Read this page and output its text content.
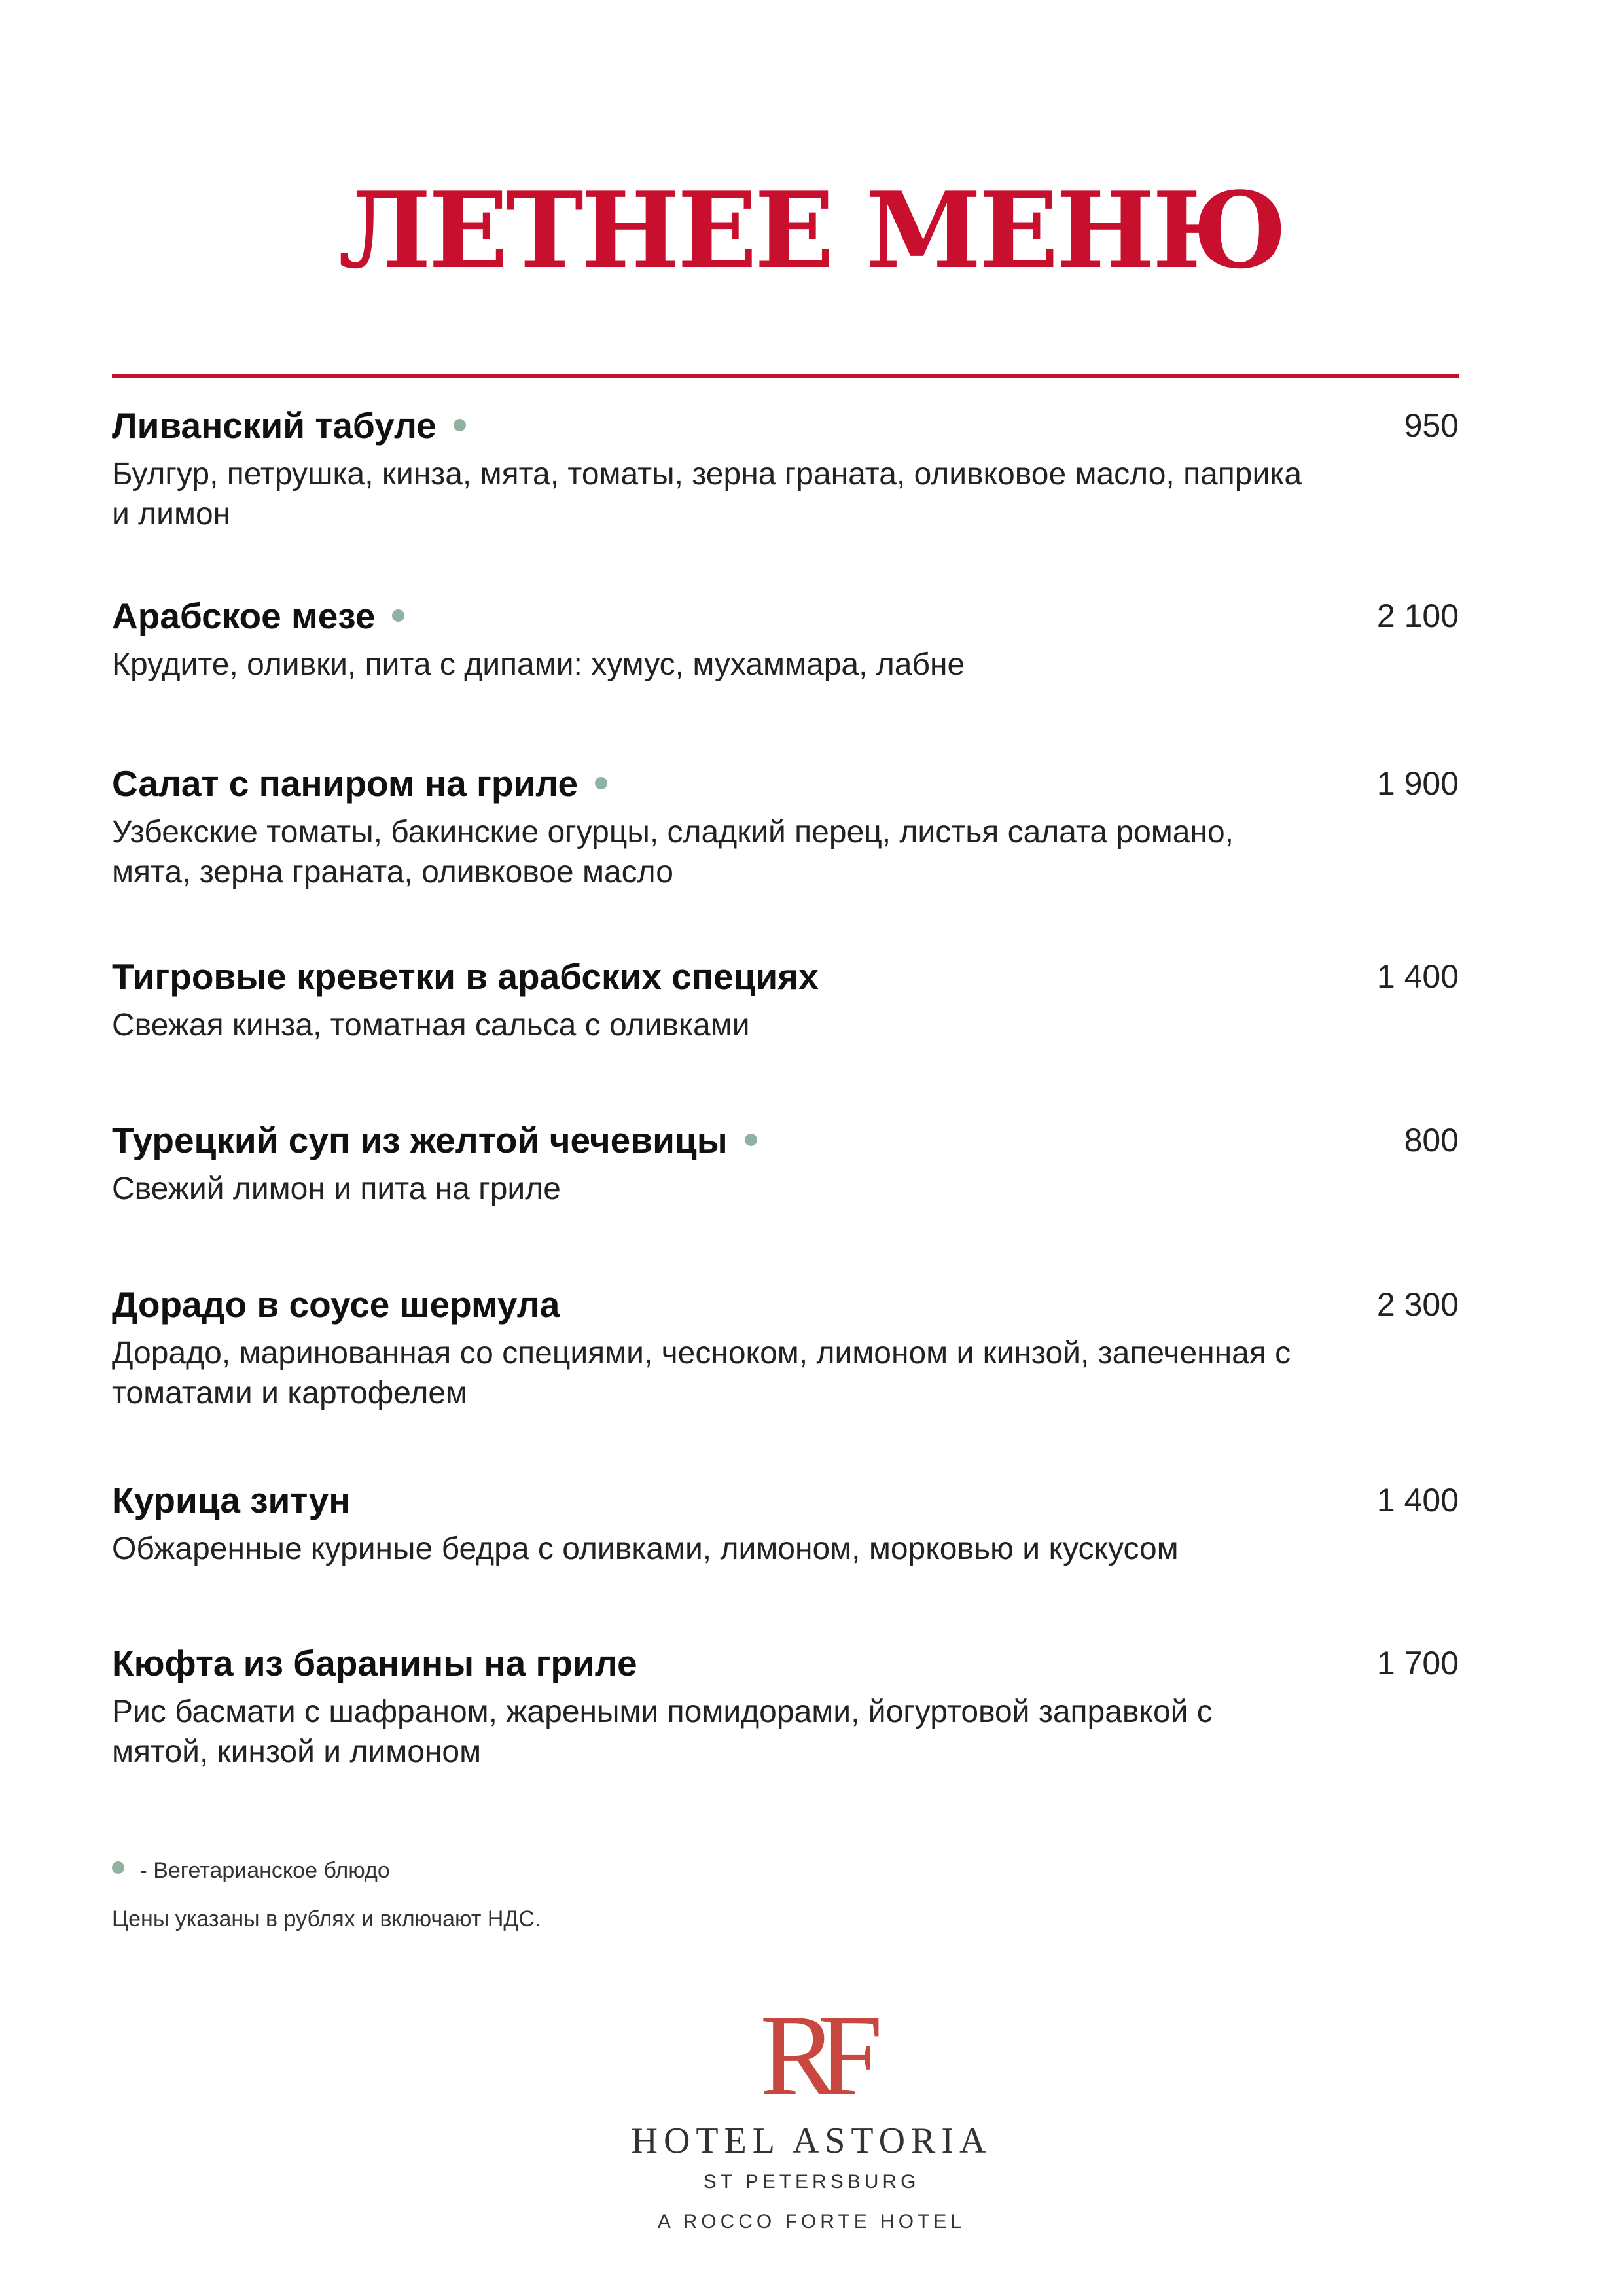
ЛЕТНЕЕ МЕНЮ
Ливанский табуле	950
Булгур, петрушка, кинза, мята, томаты, зерна граната, оливковое масло, паприка и лимон
Арабское мезе	2 100
Крудите, оливки, пита с дипами: хумус, мухаммара, лабне
Салат с паниром на гриле	1 900
Узбекские томаты, бакинские огурцы, сладкий перец, листья салата романо, мята, зерна граната, оливковое масло
Тигровые креветки в арабских специях	1 400
Свежая кинза, томатная сальса с оливками
Турецкий суп из желтой чечевицы	800
Свежий лимон и пита на гриле
Дорадо в соусе шермула	2 300
Дорадо, маринованная со специями, чесноком, лимоном и кинзой, запеченная с томатами и картофелем
Курица зитун	1 400
Обжаренные куриные бедра с оливками, лимоном, морковью и кускусом
Кюфта из баранины на гриле	1 700
Рис басмати с шафраном, жареными помидорами, йогуртовой заправкой с мятой, кинзой и лимоном
- Вегетарианское блюдо
Цены указаны в рублях и включают НДС.
RF
HOTEL ASTORIA
ST PETERSBURG
A ROCCO FORTE HOTEL
